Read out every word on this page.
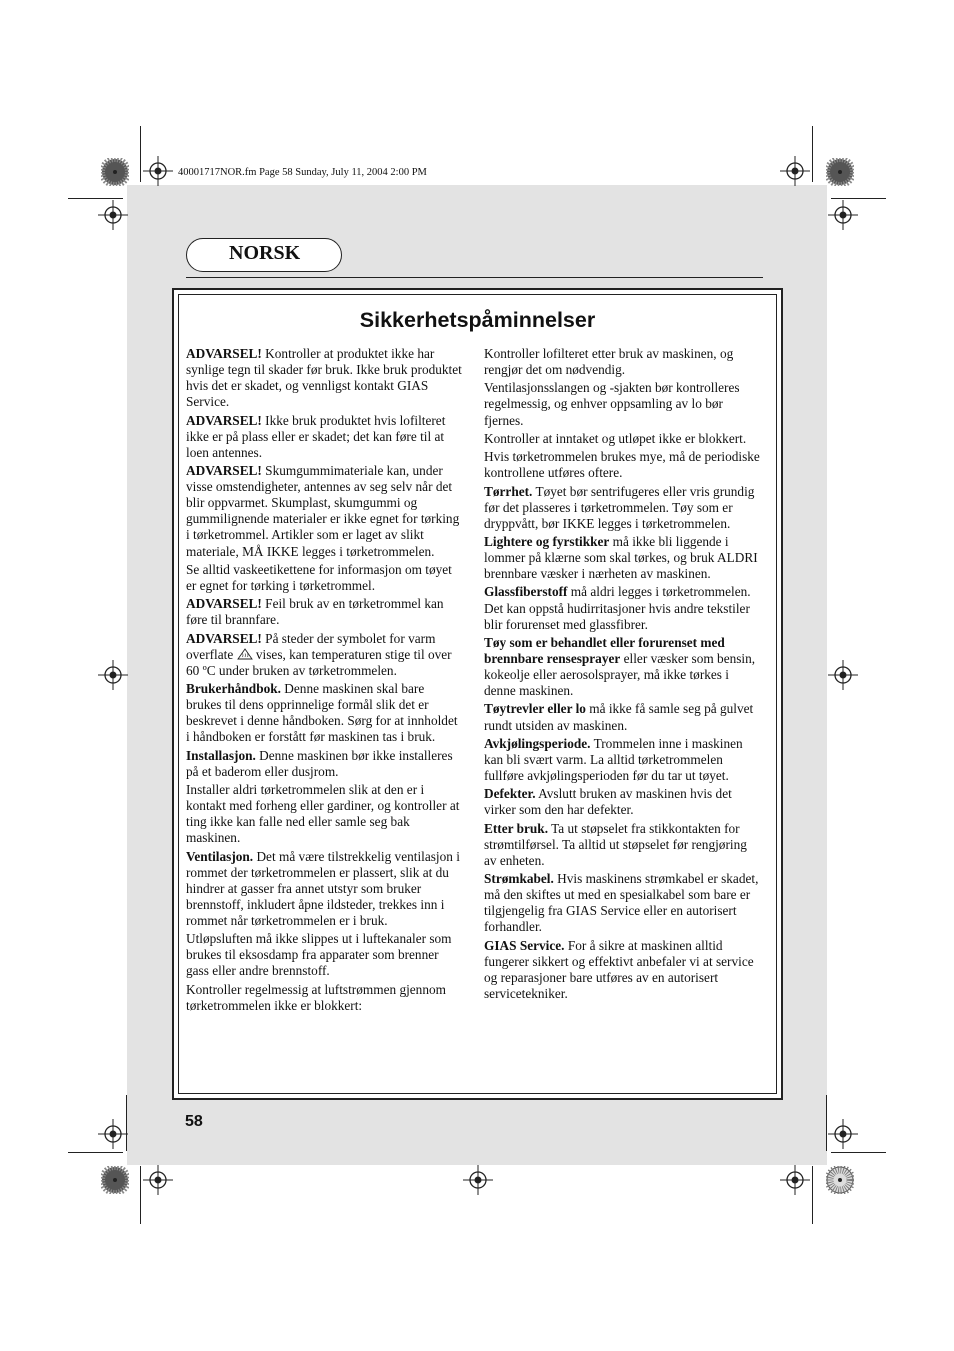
40001717NOR.fm Page 58 Sunday, July 11, 2004 2:00 PM
NORSK
Sikkerhetspåminnelser

ADVARSEL! Kontroller at produktet ikke har synlige tegn til skader før bruk. Ikke bruk produktet hvis det er skadet, og vennligst kontakt GIAS Service.

ADVARSEL! Ikke bruk produktet hvis lofilteret ikke er på plass eller er skadet; det kan føre til at loen antennes.

ADVARSEL! Skumgummimateriale kan, under visse omstendigheter, antennes av seg selv når det blir oppvarmet. Skumplast, skumgummi og gummilignende materialer er ikke egnet for tørking i tørketrommel. Artikler som er laget av slikt materiale, MÅ IKKE legges i tørketrommelen.

Se alltid vaskeetikettene for informasjon om tøyet er egnet for tørking i tørketrommel.

ADVARSEL! Feil bruk av en tørketrommel kan føre til brannfare.

ADVARSEL! På steder der symbolet for varm overflate  vises, kan temperaturen stige til over 60 ºC under bruken av tørketrommelen.

Brukerhåndbok. Denne maskinen skal bare brukes til dens opprinnelige formål slik det er beskrevet i denne håndboken. Sørg for at innholdet i håndboken er forstått før maskinen tas i bruk.

Installasjon. Denne maskinen bør ikke installeres på et baderom eller dusjrom.

Installer aldri tørketrommelen slik at den er i kontakt med forheng eller gardiner, og kontroller at ting ikke kan falle ned eller samle seg bak maskinen.

Ventilasjon. Det må være tilstrekkelig ventilasjon i rommet der tørketrommelen er plassert, slik at du hindrer at gasser fra annet utstyr som bruker brennstoff, inkludert åpne ildsteder, trekkes inn i rommet når tørketrommelen er i bruk.

Utløpsluften må ikke slippes ut i luftekanaler som brukes til eksosdamp fra apparater som brenner gass eller andre brennstoff.

Kontroller regelmessig at luftstrømmen gjennom tørketrommelen ikke er blokkert:

Kontroller lofilteret etter bruk av maskinen, og rengjør det om nødvendig.

Ventilasjonsslangen og -sjakten bør kontrolleres regelmessig, og enhver oppsamling av lo bør fjernes.

Kontroller at inntaket og utløpet ikke er blokkert.

Hvis tørketrommelen brukes mye, må de periodiske kontrollene utføres oftere.

Tørrhet. Tøyet bør sentrifugeres eller vris grundig før det plasseres i tørketrommelen. Tøy som er dryppvått, bør IKKE legges i tørketrommelen.

Lightere og fyrstikker må ikke bli liggende i lommer på klærne som skal tørkes, og bruk ALDRI brennbare væsker i nærheten av maskinen.

Glassfiberstoff må aldri legges i tørketrommelen. Det kan oppstå hudirritasjoner hvis andre tekstiler blir forurenset med glassfibrer.

Tøy som er behandlet eller forurenset med brennbare rensesprayer eller væsker som bensin, kokeolje eller aerosolsprayer, må ikke tørkes i denne maskinen.

Tøytrevler eller lo må ikke få samle seg på gulvet rundt utsiden av maskinen.

Avkjølingsperiode. Trommelen inne i maskinen kan bli svært varm. La alltid tørketrommelen fullføre avkjølingsperioden før du tar ut tøyet.

Defekter. Avslutt bruken av maskinen hvis det virker som den har defekter.

Etter bruk. Ta ut støpselet fra stikkontakten for strømtilførsel. Ta alltid ut støpselet før rengjøring av enheten.

Strømkabel. Hvis maskinens strømkabel er skadet, må den skiftes ut med en spesialkabel som bare er tilgjengelig fra GIAS Service eller en autorisert forhandler.

GIAS Service. For å sikre at maskinen alltid fungerer sikkert og effektivt anbefaler vi at service og reparasjoner bare utføres av en autorisert servicetekniker.

58
